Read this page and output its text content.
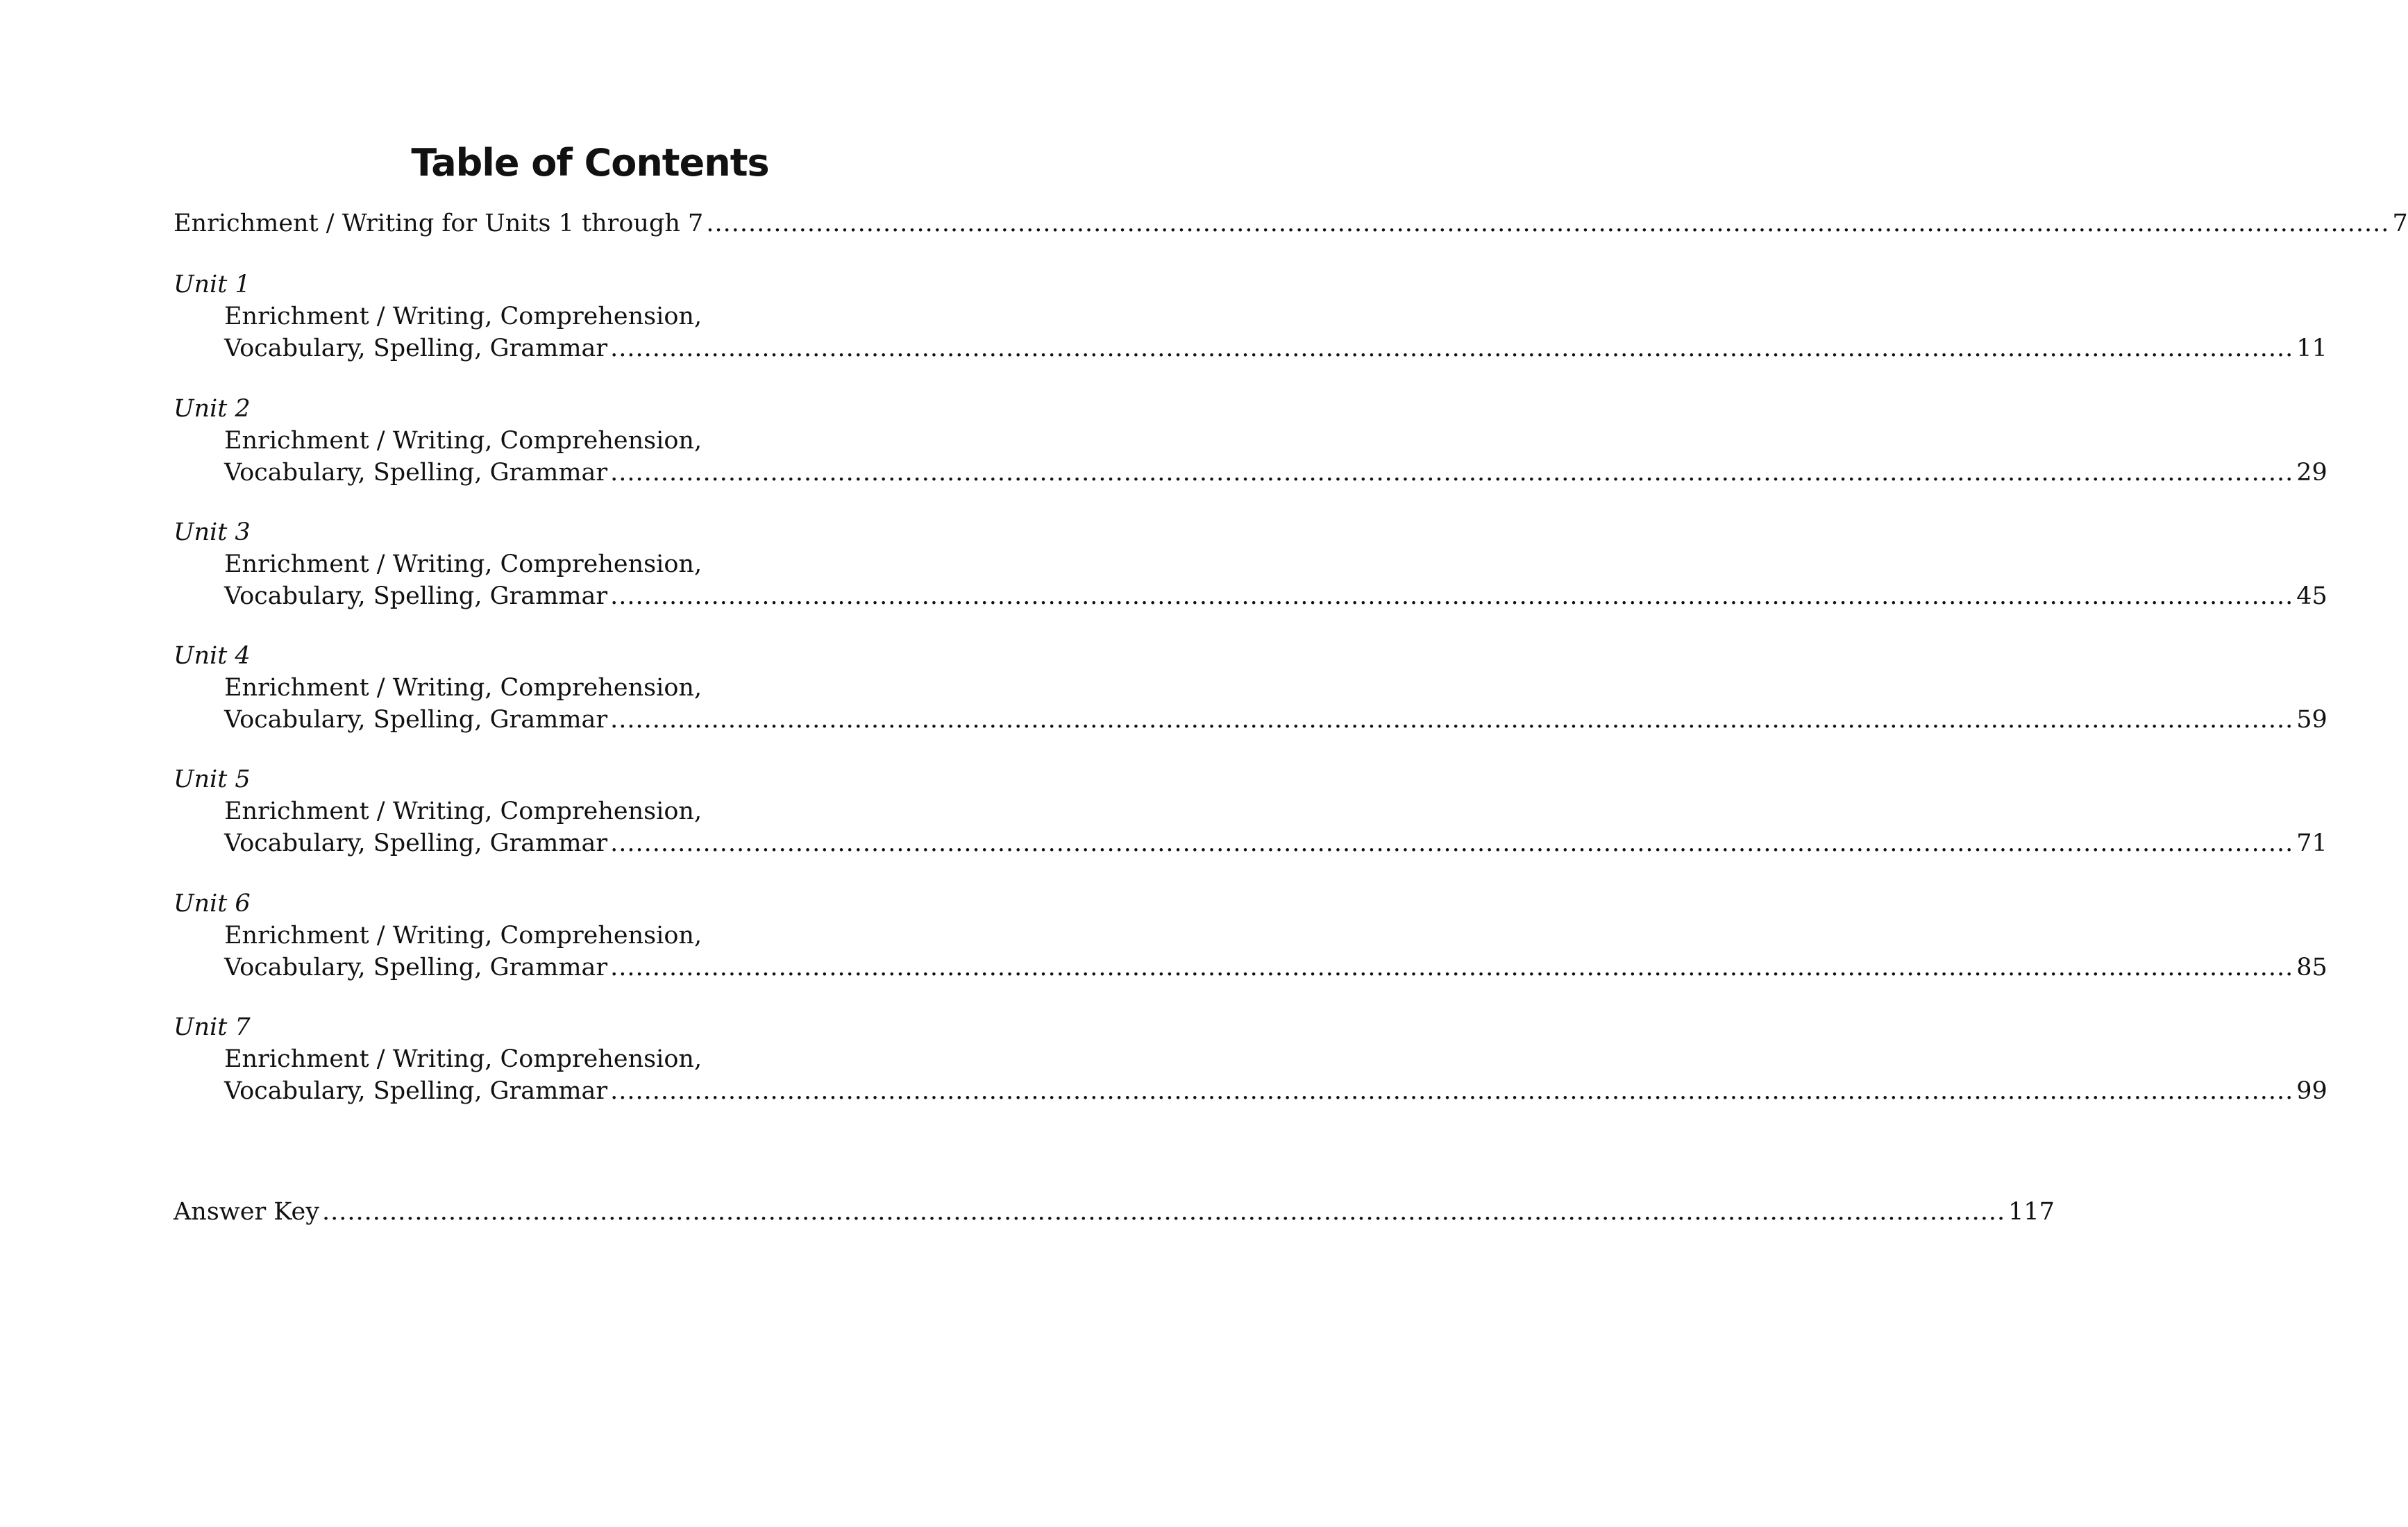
Table of Contents
Enrichment / Writing for Units 1 through 7 ........................................................................................................................................................................................................ 7
Unit 1
Enrichment / Writing, Comprehension,
Vocabulary, Spelling, Grammar ........................................................................................................................................................................................................ 11
Unit 2
Enrichment / Writing, Comprehension,
Vocabulary, Spelling, Grammar ........................................................................................................................................................................................................ 29
Unit 3
Enrichment / Writing, Comprehension,
Vocabulary, Spelling, Grammar ........................................................................................................................................................................................................ 45
Unit 4
Enrichment / Writing, Comprehension,
Vocabulary, Spelling, Grammar ........................................................................................................................................................................................................ 59
Unit 5
Enrichment / Writing, Comprehension,
Vocabulary, Spelling, Grammar ........................................................................................................................................................................................................ 71
Unit 6
Enrichment / Writing, Comprehension,
Vocabulary, Spelling, Grammar ........................................................................................................................................................................................................ 85
Unit 7
Enrichment / Writing, Comprehension,
Vocabulary, Spelling, Grammar ........................................................................................................................................................................................................ 99
Answer Key ........................................................................................................................................................................................................ 117
